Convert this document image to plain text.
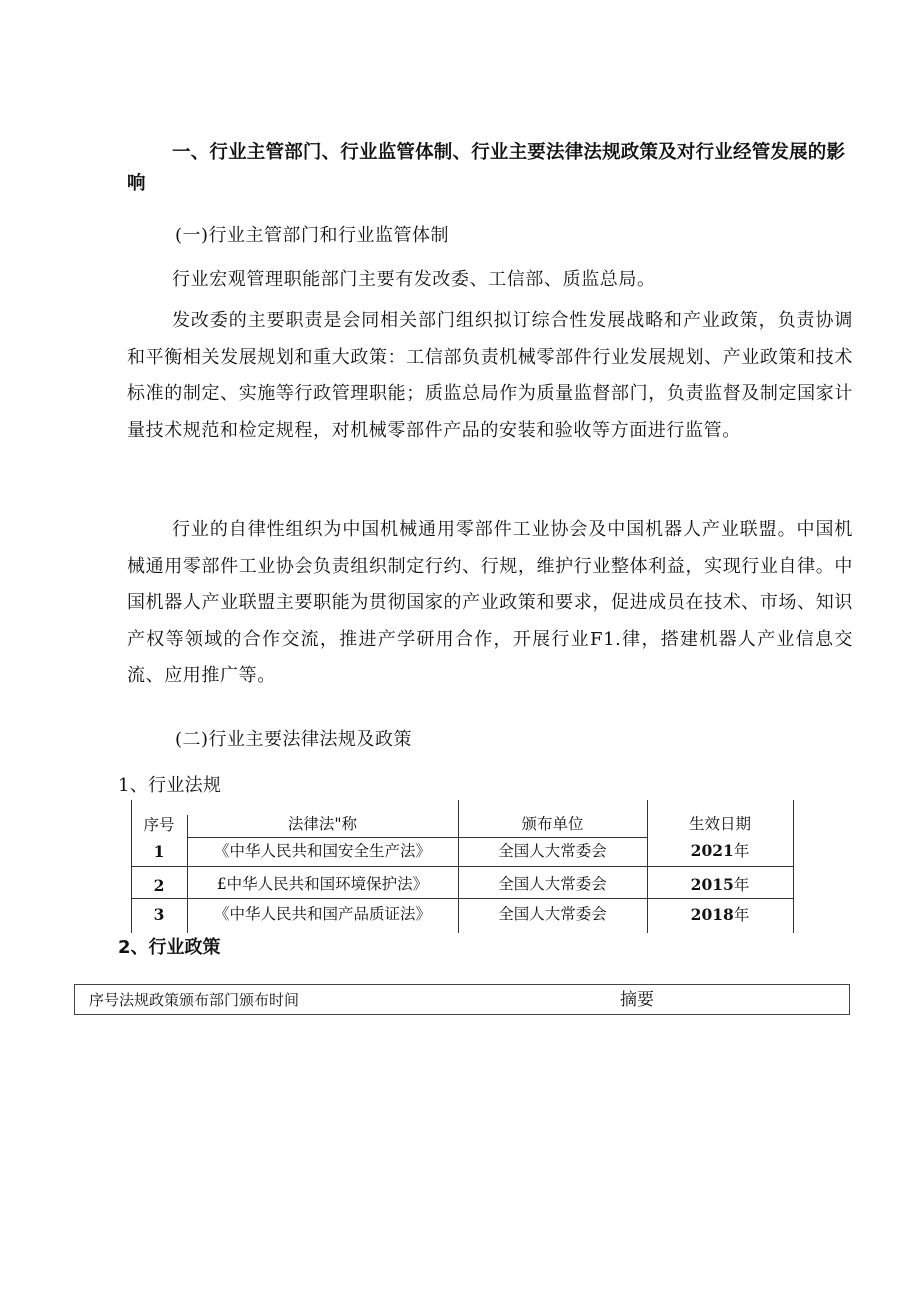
一、行业主管部门、行业监管体制、行业主要法律法规政策及对行业经管发展的影响
(一)行业主管部门和行业监管体制
行业宏观管理职能部门主要有发改委、工信部、质监总局。
发改委的主要职责是会同相关部门组织拟订综合性发展战略和产业政策，负责协调和平衡相关发展规划和重大政策：工信部负责机械零部件行业发展规划、产业政策和技术标准的制定、实施等行政管理职能；质监总局作为质量监督部门，负责监督及制定国家计量技术规范和检定规程，对机械零部件产品的安装和验收等方面进行监管。
行业的自律性组织为中国机械通用零部件工业协会及中国机器人产业联盟。中国机械通用零部件工业协会负责组织制定行约、行规，维护行业整体利益，实现行业自律。中国机器人产业联盟主要职能为贯彻国家的产业政策和要求，促进成员在技术、市场、知识产权等领域的合作交流，推进产学研用合作，开展行业F1.律，搭建机器人产业信息交流、应用推广等。
(二)行业主要法律法规及政策
1、行业法规
序号	法律法"称	颁布单位	生效日期
1	《中华人民共和国安全生产法》	全国人大常委会	2021年
2	£中华人民共和国环境保护法》	全国人大常委会	2015年
3	《中华人民共和国产品质证法》	全国人大常委会	2018年
2、行业政策
序号法规政策颁布部门颁布时间	摘要
